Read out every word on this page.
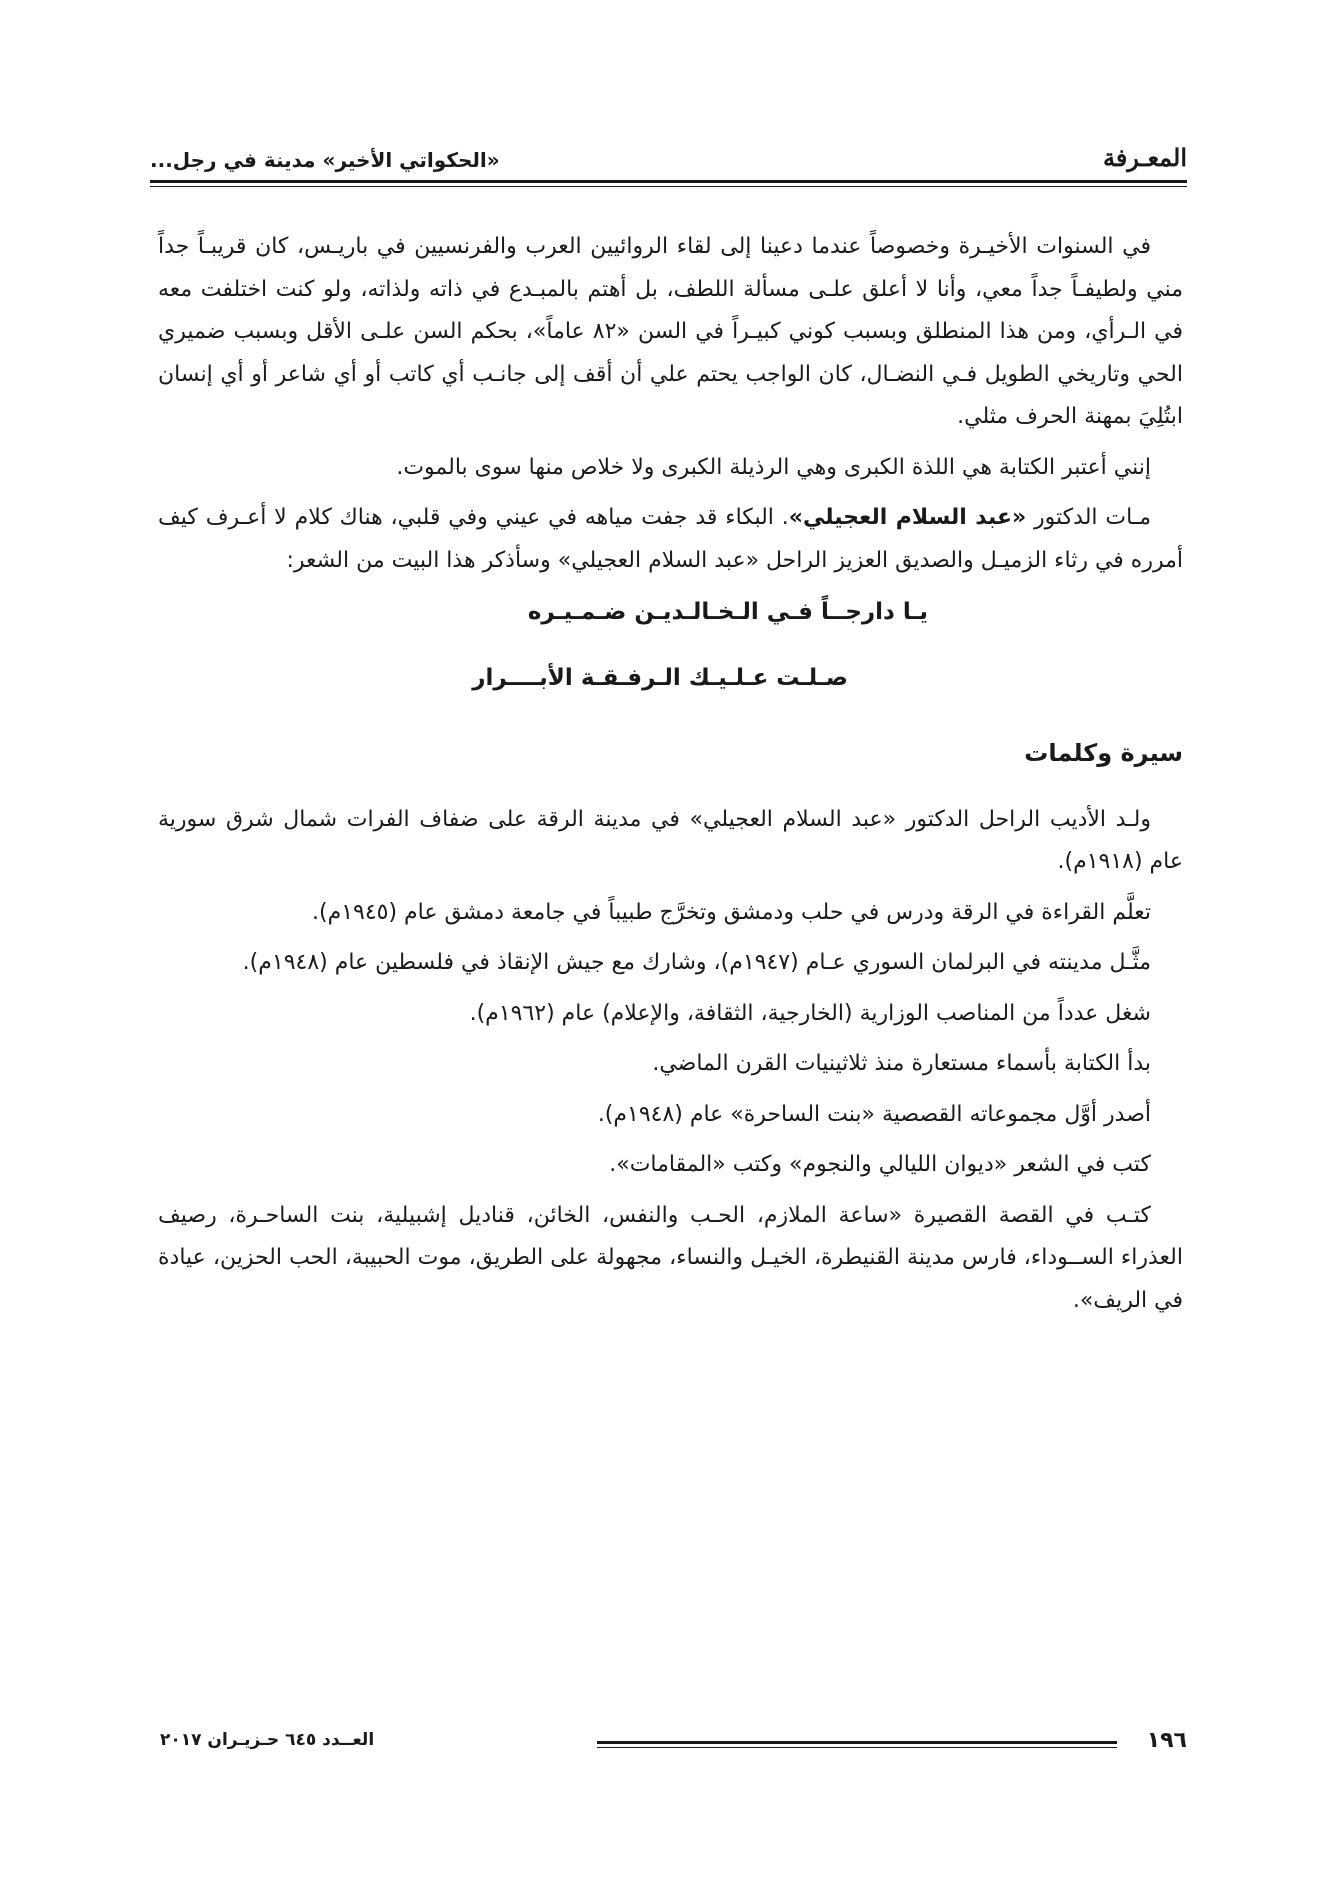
المعـرفة
«الحكواتي الأخير» مدينة في رجل...

في السنوات الأخيـرة وخصوصاً عندما دعينا إلى لقاء الروائيين العرب والفرنسيين في باريـس، كان قريبـاً جداً مني ولطيفـاً جداً معي، وأنا لا أعلق علـى مسألة اللطف، بل أهتم بالمبـدع في ذاته ولذاته، ولو كنت اختلفت معه في الـرأي، ومن هذا المنطلق وبسبب كوني كبيـراً في السن «٨٢ عاماً»، بحكم السن علـى الأقل وبسبب ضميري الحي وتاريخي الطويل فـي النضـال، كان الواجب يحتم علي أن أقف إلى جانـب أي كاتب أو أي شاعر أو أي إنسان ابتُلِيَ بمهنة الحرف مثلي.

إنني أعتبر الكتابة هي اللذة الكبرى وهي الرذيلة الكبرى ولا خلاص منها سوى بالموت.

مـات الدكتور «عبد السلام العجيلي». البكاء قد جفت مياهه في عيني وفي قلبي، هناك كلام لا أعـرف كيف أمرره في رثاء الزميـل والصديق العزيز الراحل «عبد السلام العجيلي» وسأذكر هذا البيت من الشعر:

يـا دارجــاً فـي الـخـالـديـن ضـمـيـره
صـلـت عـلـيـك الـرفـقـة الأبــــرار
سيرة وكلمات

ولـد الأديب الراحل الدكتور «عبد السلام العجيلي» في مدينة الرقة على ضفاف الفرات شمال شرق سورية عام (١٩١٨م).

تعلَّم القراءة في الرقة ودرس في حلب ودمشق وتخرَّج طبيباً في جامعة دمشق عام (١٩٤٥م).

مثَّـل مدينته في البرلمان السوري عـام (١٩٤٧م)، وشارك مع جيش الإنقاذ في فلسطين عام (١٩٤٨م).

شغل عدداً من المناصب الوزارية (الخارجية، الثقافة، والإعلام) عام (١٩٦٢م).
بدأ الكتابة بأسماء مستعارة منذ ثلاثينيات القرن الماضي.
أصدر أوَّل مجموعاته القصصية «بنت الساحرة» عام (١٩٤٨م).
كتب في الشعر «ديوان الليالي والنجوم» وكتب «المقامات».

كتـب في القصة القصيرة «ساعة الملازم، الحـب والنفس، الخائن، قناديل إشبيلية، بنت الساحـرة، رصيف العذراء الســوداء، فارس مدينة القنيطرة، الخيـل والنساء، مجهولة على الطريق، موت الحبيبة، الحب الحزين، عيادة في الريف».

١٩٦
العــدد ٦٤٥ حـزيـران ٢٠١٧
